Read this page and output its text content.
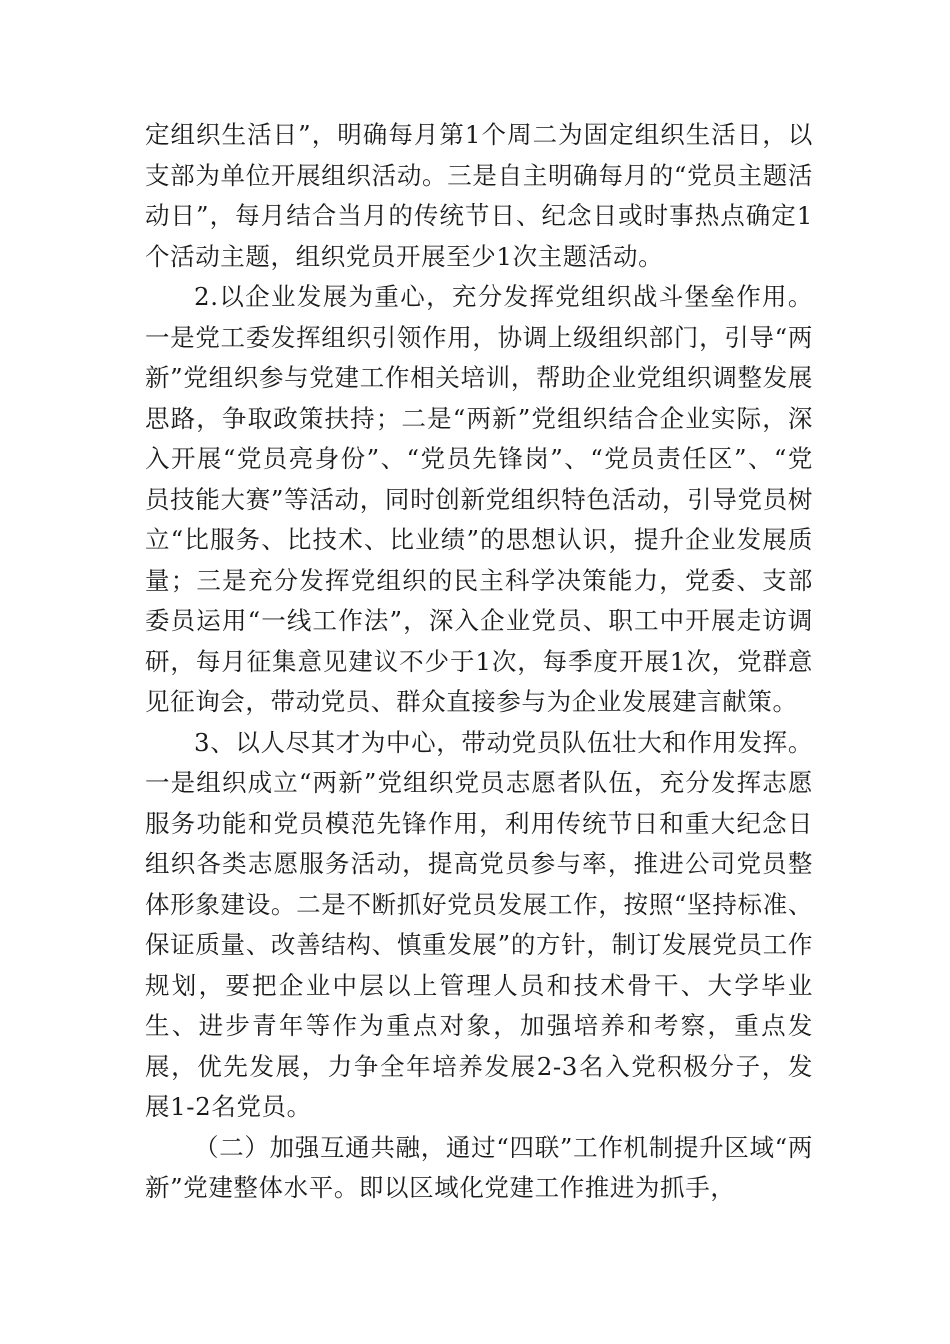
定组织生活日”，明确每月第1个周二为固定组织生活日，以支部为单位开展组织活动。三是自主明确每月的“党员主题活动日”，每月结合当月的传统节日、纪念日或时事热点确定1个活动主题，组织党员开展至少1次主题活动。

2.以企业发展为重心，充分发挥党组织战斗堡垒作用。一是党工委发挥组织引领作用，协调上级组织部门，引导“两新”党组织参与党建工作相关培训，帮助企业党组织调整发展思路，争取政策扶持；二是“两新”党组织结合企业实际，深入开展“党员亮身份”、“党员先锋岗”、“党员责任区”、“党员技能大赛”等活动，同时创新党组织特色活动，引导党员树立“比服务、比技术、比业绩”的思想认识，提升企业发展质量；三是充分发挥党组织的民主科学决策能力，党委、支部委员运用“一线工作法”，深入企业党员、职工中开展走访调研，每月征集意见建议不少于1次，每季度开展1次，党群意见征询会，带动党员、群众直接参与为企业发展建言献策。

3、以人尽其才为中心，带动党员队伍壮大和作用发挥。一是组织成立“两新”党组织党员志愿者队伍，充分发挥志愿服务功能和党员模范先锋作用，利用传统节日和重大纪念日组织各类志愿服务活动，提高党员参与率，推进公司党员整体形象建设。二是不断抓好党员发展工作，按照“坚持标准、保证质量、改善结构、慎重发展”的方针，制订发展党员工作规划，要把企业中层以上管理人员和技术骨干、大学毕业生、进步青年等作为重点对象，加强培养和考察，重点发展，优先发展，力争全年培养发展2-3名入党积极分子，发展1-2名党员。

（二）加强互通共融，通过“四联”工作机制提升区域“两新”党建整体水平。即以区域化党建工作推进为抓手，
